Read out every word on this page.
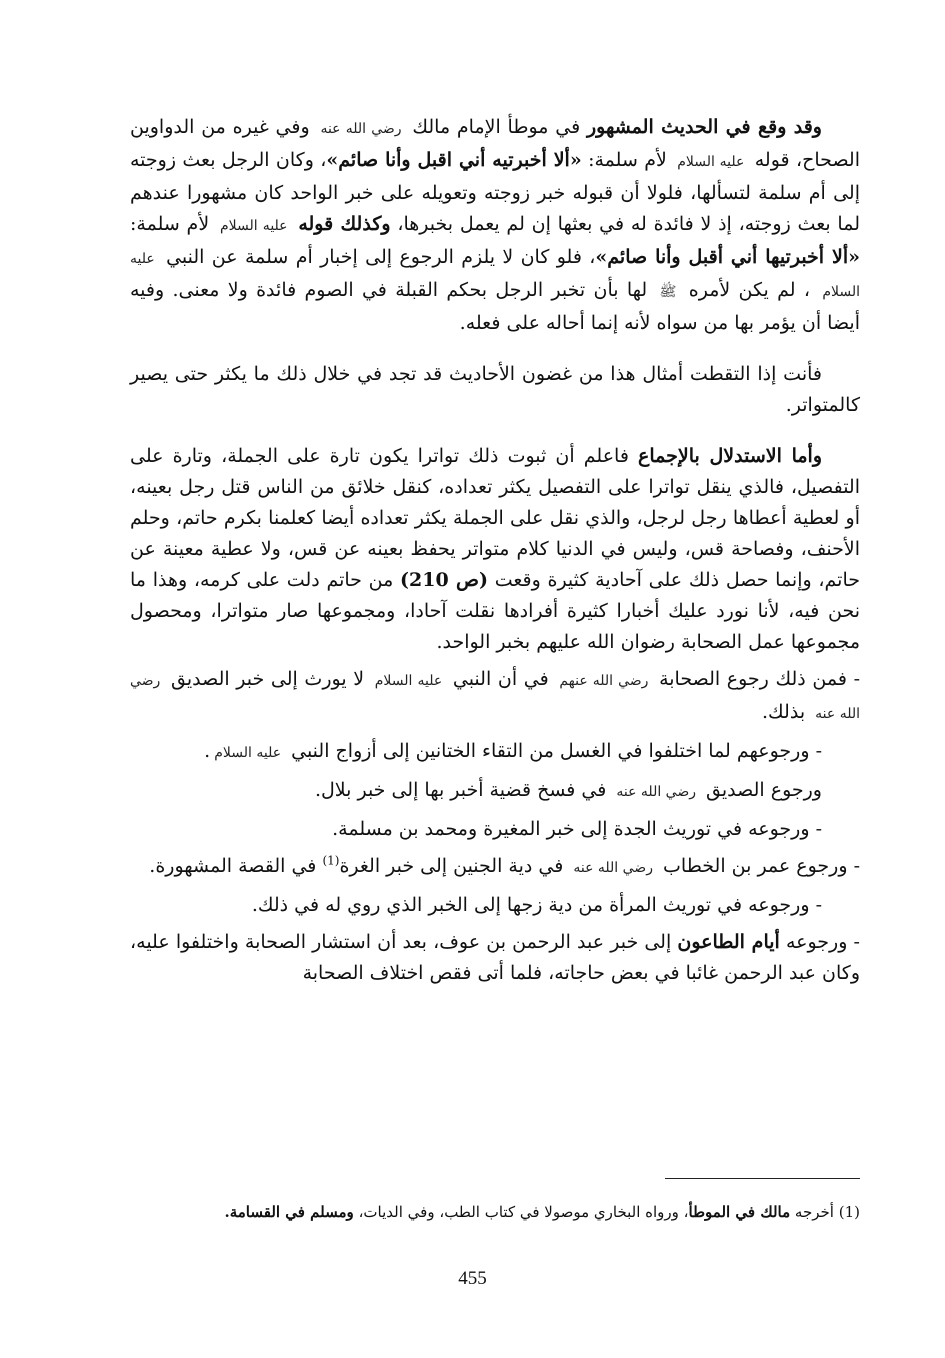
وقد وقع في الحديث المشهور في موطأ الإمام مالك رضي الله عنه وفي غيره من الدواوين الصحاح، قوله عليه السلام لأم سلمة: «ألا أخبرتيه أني اقبل وأنا صائم»، وكان الرجل بعث زوجته إلى أم سلمة لتسألها، فلولا أن قبوله خبر زوجته وتعويله على خبر الواحد كان مشهورا عندهم لما بعث زوجته، إذ لا فائدة له في بعثها إن لم يعمل بخبرها، وكذلك قوله عليه السلام لأم سلمة: «ألا أخبرتيها أني أقبل وأنا صائم»، فلو كان لا يلزم الرجوع إلى إخبار أم سلمة عن النبي عليه السلام ، لم يكن لأمره ﷺ لها بأن تخبر الرجل بحكم القبلة في الصوم فائدة ولا معنى. وفيه أيضا أن يؤمر بها من سواه لأنه إنما أحاله على فعله.

فأنت إذا التقطت أمثال هذا من غضون الأحاديث قد تجد في خلال ذلك ما يكثر حتى يصير كالمتواتر.

وأما الاستدلال بالإجماع فاعلم أن ثبوت ذلك تواترا يكون تارة على الجملة، وتارة على التفصيل، فالذي ينقل تواترا على التفصيل يكثر تعداده، كنقل خلائق من الناس قتل رجل بعينه، أو لعطية أعطاها رجل لرجل، والذي نقل على الجملة يكثر تعداده أيضا كعلمنا بكرم حاتم، وحلم الأحنف، وفصاحة قس، وليس في الدنيا كلام متواتر يحفظ بعينه عن قس، ولا عطية معينة عن حاتم، وإنما حصل ذلك على آحادية كثيرة وقعت (ص 210) من حاتم دلت على كرمه، وهذا ما نحن فيه، لأنا نورد عليك أخبارا كثيرة أفرادها نقلت آحادا، ومجموعها صار متواترا، ومحصول مجموعها عمل الصحابة رضوان الله عليهم بخبر الواحد.

- فمن ذلك رجوع الصحابة رضي الله عنهم في أن النبي عليه السلام لا يورث إلى خبر الصديق رضي الله عنه بذلك.

- ورجوعهم لما اختلفوا في الغسل من التقاء الختانين إلى أزواج النبي عليه السلام.

ورجوع الصديق رضي الله عنه في فسخ قضية أخبر بها إلى خبر بلال.

- ورجوعه في توريث الجدة إلى خبر المغيرة ومحمد بن مسلمة.

- ورجوع عمر بن الخطاب رضي الله عنه في دية الجنين إلى خبر الغرة$^{(1)}$ في القصة المشهورة.

- ورجوعه في توريث المرأة من دية زجها إلى الخبر الذي روي له في ذلك.

- ورجوعه أيام الطاعون إلى خبر عبد الرحمن بن عوف، بعد أن استشار الصحابة واختلفوا عليه، وكان عبد الرحمن غائبا في بعض حاجاته، فلما أتى فقص اختلاف الصحابة

(1) أخرجه مالك في الموطأ، ورواه البخاري موصولا في كتاب الطب، وفي الديات، ومسلم في القسامة.
455
